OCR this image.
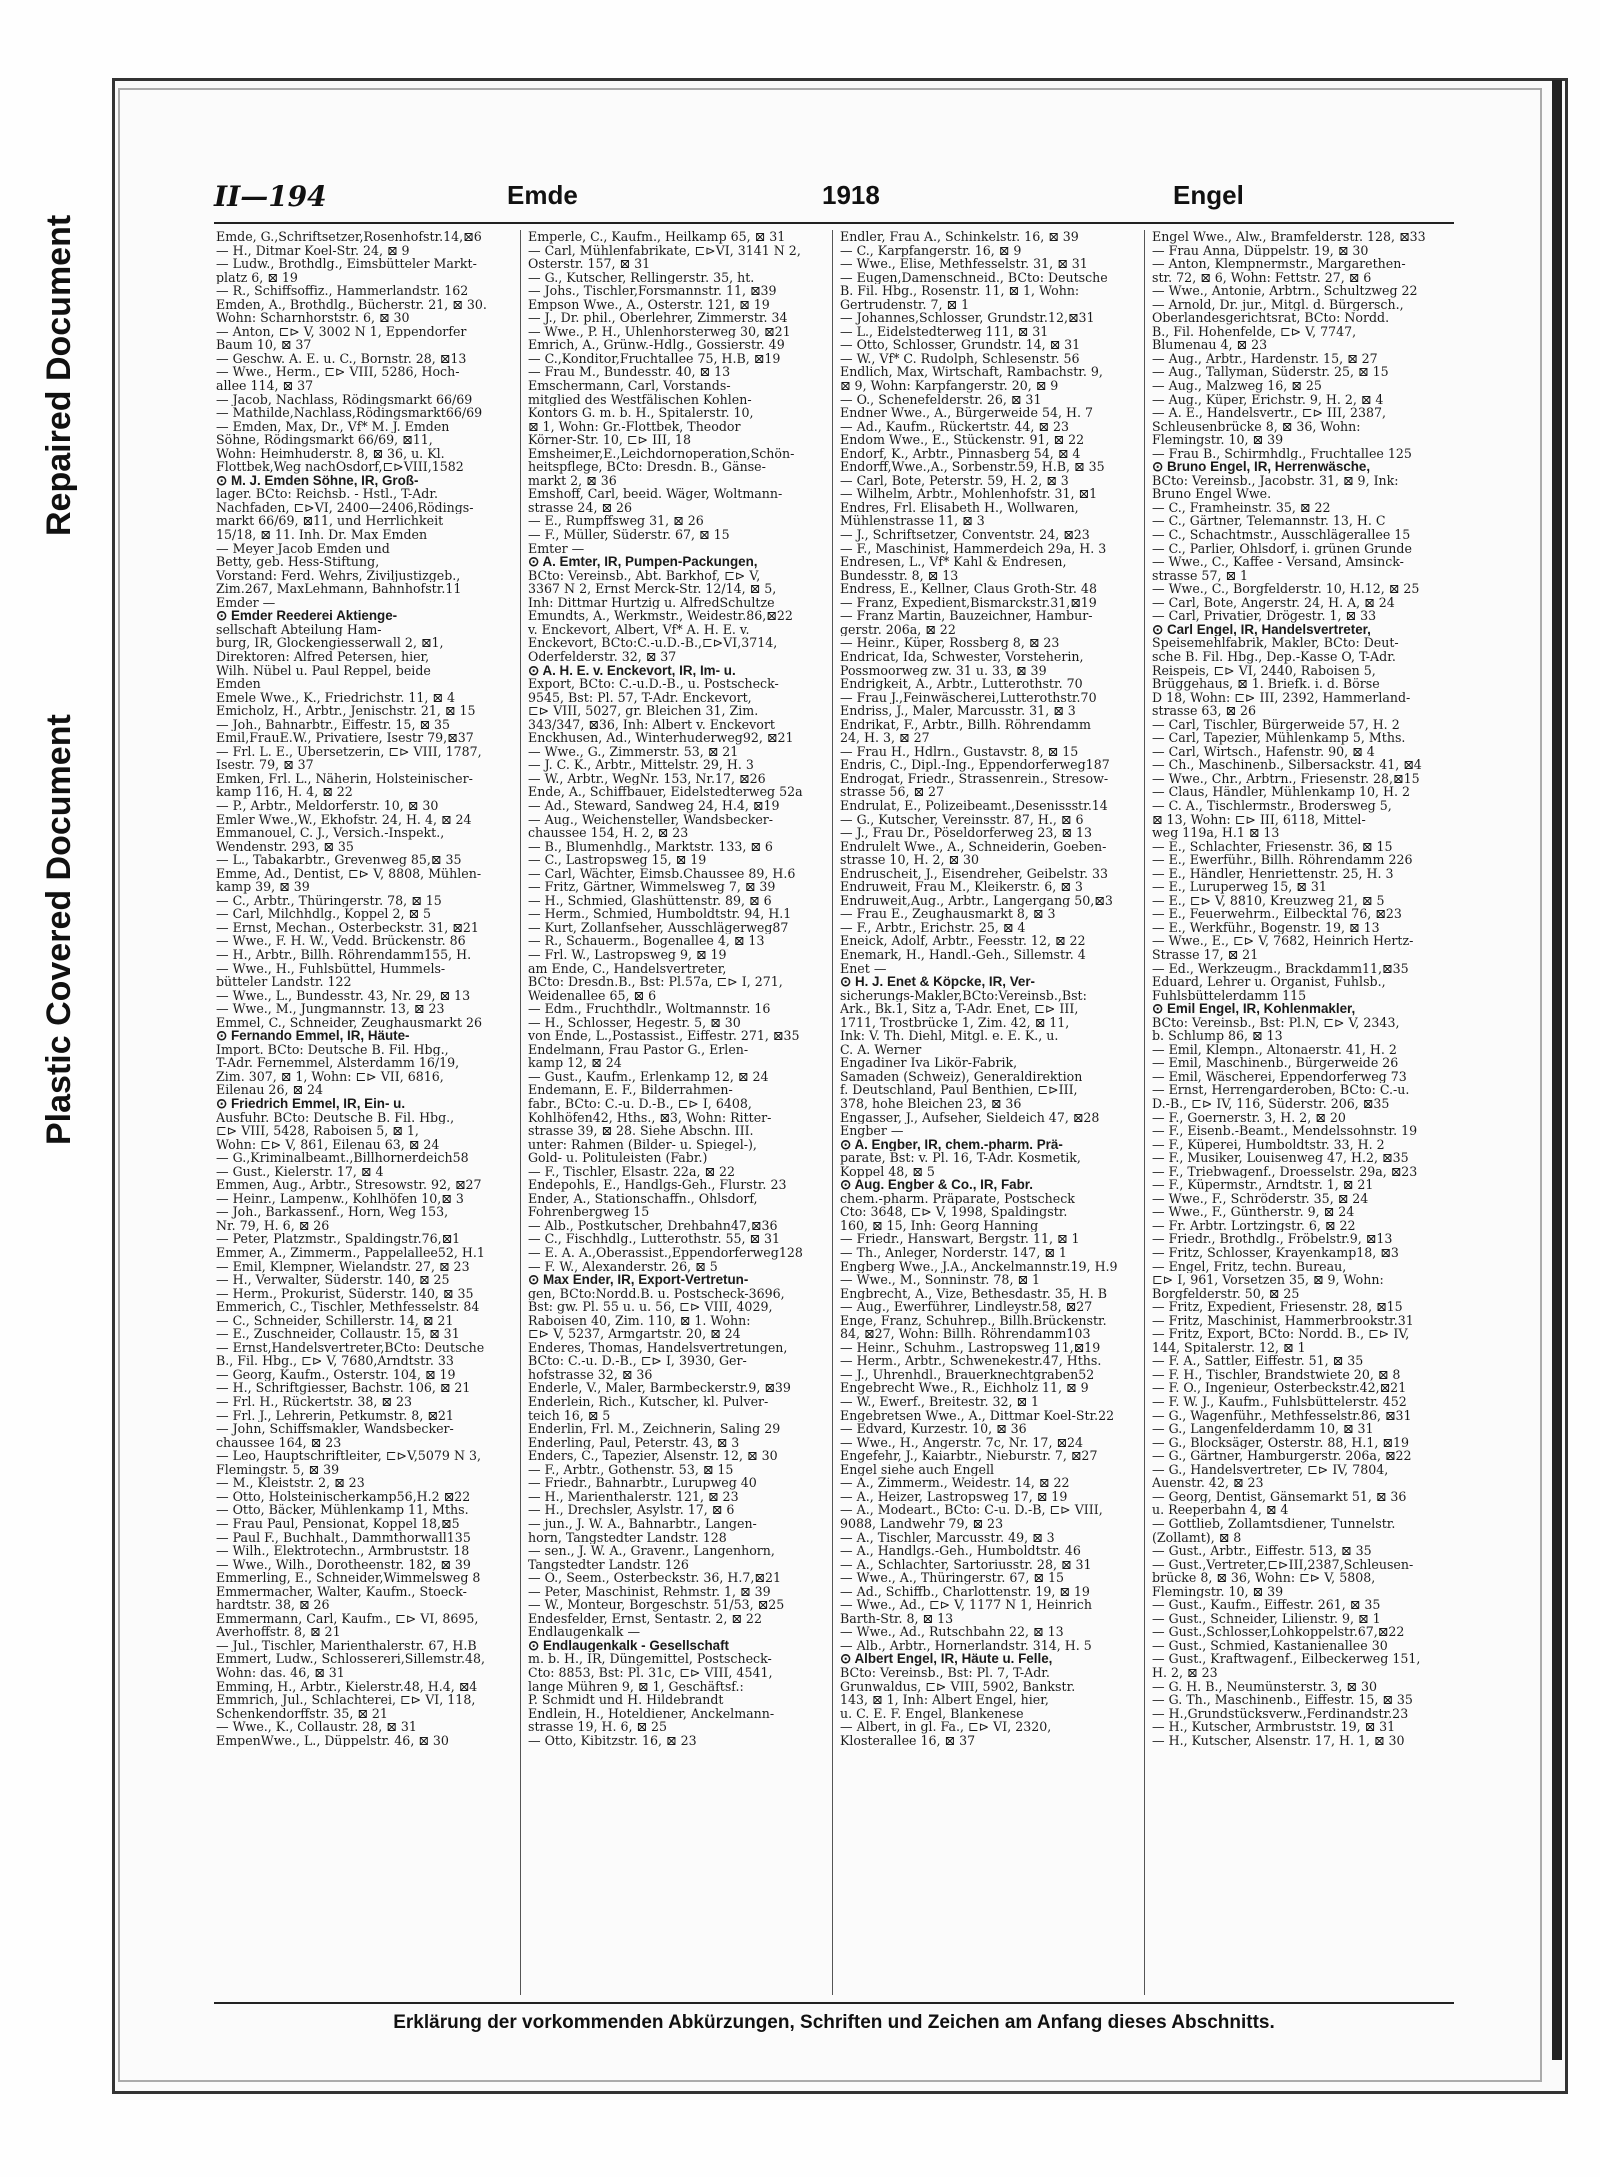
Repaired Document
Plastic Covered Document
II—194	Emde	1918	Engel
Emde, G.,Schriftsetzer,Rosenhofstr.14,⊠6
— H., Ditmar Koel-Str. 24, ⊠ 9
— Ludw., Brothdlg., Eimsbütteler Markt-
platz 6, ⊠ 19
— R., Schiffsoffiz., Hammerlandstr. 162
Emden, A., Brothdlg., Bücherstr. 21, ⊠ 30.
Wohn: Scharnhorststr. 6, ⊠ 30
— Anton, ⊏⊳ V, 3002 N 1, Eppendorfer
Baum 10, ⊠ 37
— Geschw. A. E. u. C., Bornstr. 28, ⊠13
— Wwe., Herm., ⊏⊳ VIII, 5286, Hoch-
allee 114, ⊠ 37
— Jacob, Nachlass, Rödingsmarkt 66/69
— Mathilde,Nachlass,Rödingsmarkt66/69
— Emden, Max, Dr., Vf* M. J. Emden
Söhne, Rödingsmarkt 66/69, ⊠11,
Wohn: Heimhuderstr. 8, ⊠ 36, u. Kl.
Flottbek,Weg nachOsdorf,⊏⊳VIII,1582
⊙ M. J. Emden Söhne, IR, Groß-
lager. BCto: Reichsb. - Hstl., T-Adr.
Nachfaden, ⊏⊳VI, 2400—2406,Rödings-
markt 66/69, ⊠11, und Herrlichkeit
15/18, ⊠ 11. Inh. Dr. Max Emden
— Meyer Jacob Emden und
Betty, geb. Hess-Stiftung,
Vorstand: Ferd. Wehrs, Ziviljustizgeb.,
Zim.267, MaxLehmann, Bahnhofstr.11
Emder —
⊙ Emder Reederei Aktienge-
sellschaft Abteilung Ham-
burg, IR, Glockengiesserwall 2, ⊠1,
Direktoren: Alfred Petersen, hier,
Wilh. Nübel u. Paul Reppel, beide
Emden
Emele Wwe., K., Friedrichstr. 11, ⊠ 4
Emicholz, H., Arbtr., Jenischstr. 21, ⊠ 15
— Joh., Bahnarbtr., Eiffestr. 15, ⊠ 35
Emil,FrauE.W., Privatiere, Isestr 79,⊠37
— Frl. L. E., Übersetzerin, ⊏⊳ VIII, 1787,
Isestr. 79, ⊠ 37
Emken, Frl. L., Näherin, Holsteinischer-
kamp 116, H. 4, ⊠ 22
— P., Arbtr., Meldorferstr. 10, ⊠ 30
Emler Wwe.,W., Ekhofstr. 24, H. 4, ⊠ 24
Emmanouel, C. J., Versich.-Inspekt.,
Wendenstr. 293, ⊠ 35
— L., Tabakarbtr., Grevenweg 85,⊠ 35
Emme, Ad., Dentist, ⊏⊳ V, 8808, Mühlen-
kamp 39, ⊠ 39
— C., Arbtr., Thüringerstr. 78, ⊠ 15
— Carl, Milchhdlg., Koppel 2, ⊠ 5
— Ernst, Mechan., Osterbeckstr. 31, ⊠21
— Wwe., F. H. W., Vedd. Brückenstr. 86
— H., Arbtr., Billh. Röhrendamm155, H.
— Wwe., H., Fuhlsbüttel, Hummels-
bütteler Landstr. 122
— Wwe., L., Bundesstr. 43, Nr. 29, ⊠ 13
— Wwe., M., Jungmannstr. 13, ⊠ 23
Emmel, C., Schneider, Zeughausmarkt 26
⊙ Fernando Emmel, IR, Häute-
Import. BCto: Deutsche B. Fil. Hbg.,
T-Adr. Fernemmel, Alsterdamm 16/19,
Zim. 307, ⊠ 1, Wohn: ⊏⊳ VII, 6816,
Eilenau 26, ⊠ 24
⊙ Friedrich Emmel, IR, Ein- u.
Ausfuhr. BCto: Deutsche B. Fil. Hbg.,
⊏⊳ VIII, 5428, Raboisen 5, ⊠ 1,
Wohn: ⊏⊳ V, 861, Eilenau 63, ⊠ 24
— G.,Kriminalbeamt.,Billhornerdeich58
— Gust., Kielerstr. 17, ⊠ 4
Emmen, Aug., Arbtr., Stresowstr. 92, ⊠27
— Heinr., Lampenw., Kohlhöfen 10,⊠ 3
— Joh., Barkassenf., Horn, Weg 153,
Nr. 79, H. 6, ⊠ 26
— Peter, Platzmstr., Spaldingstr.76,⊠1
Emmer, A., Zimmerm., Pappelallee52, H.1
— Emil, Klempner, Wielandstr. 27, ⊠ 23
— H., Verwalter, Süderstr. 140, ⊠ 25
— Herm., Prokurist, Süderstr. 140, ⊠ 35
Emmerich, C., Tischler, Methfesselstr. 84
— C., Schneider, Schillerstr. 14, ⊠ 21
— E., Zuschneider, Collaustr. 15, ⊠ 31
— Ernst,Handelsvertreter,BCto: Deutsche
B., Fil. Hbg., ⊏⊳ V, 7680,Arndtstr. 33
— Georg, Kaufm., Osterstr. 104, ⊠ 19
— H., Schriftgiesser, Bachstr. 106, ⊠ 21
— Frl. H., Rückertstr. 38, ⊠ 23
— Frl. J., Lehrerin, Petkumstr. 8, ⊠21
— John, Schiffsmakler, Wandsbecker-
chaussee 164, ⊠ 23
— Leo, Hauptschriftleiter, ⊏⊳V,5079 N 3,
Flemingstr. 5, ⊠ 39
— M., Kleiststr. 2, ⊠ 23
— Otto, Holsteinischerkamp56,H.2 ⊠22
— Otto, Bäcker, Mühlenkamp 11, Mths.
— Frau Paul, Pensionat, Koppel 18,⊠5
— Paul F., Buchhalt., Dammthorwall135
— Wilh., Elektrotechn., Armbruststr. 18
— Wwe., Wilh., Dorotheenstr. 182, ⊠ 39
Emmerling, E., Schneider,Wimmelsweg 8
Emmermacher, Walter, Kaufm., Stoeck-
hardtstr. 38, ⊠ 26
Emmermann, Carl, Kaufm., ⊏⊳ VI, 8695,
Averhoffstr. 8, ⊠ 21
— Jul., Tischler, Marienthalerstr. 67, H.B
Emmert, Ludw., Schlossereri,Sillemstr.48,
Wohn: das. 46, ⊠ 31
Emming, H., Arbtr., Kielerstr.48, H.4, ⊠4
Emmrich, Jul., Schlachterei, ⊏⊳ VI, 118,
Schenkendorffstr. 35, ⊠ 21
— Wwe., K., Collaustr. 28, ⊠ 31
EmpenWwe., L., Düppelstr. 46, ⊠ 30
Emperle, C., Kaufm., Heilkamp 65, ⊠ 31
— Carl, Mühlenfabrikate, ⊏⊳VI, 3141 N 2,
Osterstr. 157, ⊠ 31
— G., Kutscher, Rellingerstr. 35, ht.
— Johs., Tischler,Forsmannstr. 11, ⊠39
Empson Wwe., A., Osterstr. 121, ⊠ 19
— J., Dr. phil., Oberlehrer, Zimmerstr. 34
— Wwe., P. H., Uhlenhorsterweg 30, ⊠21
Emrich, A., Grünw.-Hdlg., Gossierstr. 49
— C.,Konditor,Fruchtallee 75, H.B, ⊠19
— Frau M., Bundesstr. 40, ⊠ 13
Emschermann, Carl, Vorstands-
mitglied des Westfälischen Kohlen-
Kontors G. m. b. H., Spitalerstr. 10,
⊠ 1, Wohn: Gr.-Flottbek, Theodor
Körner-Str. 10, ⊏⊳ III, 18
Emsheimer,E.,Leichdornoperation,Schön-
heitspflege, BCto: Dresdn. B., Gänse-
markt 2, ⊠ 36
Emshoff, Carl, beeid. Wäger, Woltmann-
strasse 24, ⊠ 26
— E., Rumpffsweg 31, ⊠ 26
— F., Müller, Süderstr. 67, ⊠ 15
Emter —
⊙ A. Emter, IR, Pumpen-Packungen,
BCto: Vereinsb., Abt. Barkhof, ⊏⊳ V,
3367 N 2, Ernst Merck-Str. 12/14, ⊠ 5,
Inh: Dittmar Hurtzig u. AlfredSchultze
Emundts, A., Werkmstr., Weidestr.86,⊠22
v. Enckevort, Albert, Vf* A. H. E. v.
Enckevort, BCto:C.-u.D.-B.,⊏⊳VI,3714,
Oderfelderstr. 32, ⊠ 37
⊙ A. H. E. v. Enckevort, IR, Im- u.
Export, BCto: C.-u.D.-B., u. Postscheck-
9545, Bst: Pl. 57, T-Adr. Enckevort,
⊏⊳ VIII, 5027, gr. Bleichen 31, Zim.
343/347, ⊠36, Inh: Albert v. Enckevort
Enckhusen, Ad., Winterhuderweg92, ⊠21
— Wwe., G., Zimmerstr. 53, ⊠ 21
— J. C. K., Arbtr., Mittelstr. 29, H. 3
— W., Arbtr., WegNr. 153, Nr.17, ⊠26
Ende, A., Schiffbauer, Eidelstedterweg 52a
— Ad., Steward, Sandweg 24, H.4, ⊠19
— Aug., Weichensteller, Wandsbecker-
chaussee 154, H. 2, ⊠ 23
— B., Blumenhdlg., Marktstr. 133, ⊠ 6
— C., Lastropsweg 15, ⊠ 19
— Carl, Wächter, Eimsb.Chaussee 89, H.6
— Fritz, Gärtner, Wimmelsweg 7, ⊠ 39
— H., Schmied, Glashüttenstr. 89, ⊠ 6
— Herm., Schmied, Humboldtstr. 94, H.1
— Kurt, Zollanfseher, Ausschlägerweg87
— R., Schauerm., Bogenallee 4, ⊠ 13
— Frl. W., Lastropsweg 9, ⊠ 19
am Ende, C., Handelsvertreter,
BCto: Dresdn.B., Bst: Pl.57a, ⊏⊳ I, 271,
Weidenallee 65, ⊠ 6
— Edm., Fruchthdlr., Woltmannstr. 16
— H., Schlosser, Hegestr. 5, ⊠ 30
von Ende, L.,Postassist., Eiffestr. 271, ⊠35
Endelmann, Frau Pastor G., Erlen-
kamp 12, ⊠ 24
— Gust., Kaufm., Erlenkamp 12, ⊠ 24
Endemann, E. F., Bilderrahmen-
fabr., BCto: C.-u. D.-B., ⊏⊳ I, 6408,
Kohlhöfen42, Hths., ⊠3, Wohn: Ritter-
strasse 39, ⊠ 28. Siehe Abschn. III.
unter: Rahmen (Bilder- u. Spiegel-),
Gold- u. Polituleisten (Fabr.)
— F., Tischler, Elsastr. 22a, ⊠ 22
Endepohls, E., Handlgs-Geh., Flurstr. 23
Ender, A., Stationschaffn., Ohlsdorf,
Fohrenbergweg 15
— Alb., Postkutscher, Drehbahn47,⊠36
— C., Fischhdlg., Lutterothstr. 55, ⊠ 31
— E. A. A.,Oberassist.,Eppendorferweg128
— F. W., Alexanderstr. 26, ⊠ 5
⊙ Max Ender, IR, Export-Vertretun-
gen, BCto:Nordd.B. u. Postscheck-3696,
Bst: gw. Pl. 55 u. u. 56, ⊏⊳ VIII, 4029,
Raboisen 40, Zim. 110, ⊠ 1. Wohn:
⊏⊳ V, 5237, Armgartstr. 20, ⊠ 24
Enderes, Thomas, Handelsvertretungen,
BCto: C.-u. D.-B., ⊏⊳ I, 3930, Ger-
hofstrasse 32, ⊠ 36
Enderle, V., Maler, Barmbeckerstr.9, ⊠39
Enderlein, Rich., Kutscher, kl. Pulver-
teich 16, ⊠ 5
Enderlin, Frl. M., Zeichnerin, Saling 29
Enderling, Paul, Peterstr. 43, ⊠ 3
Enders, C., Tapezier, Alsenstr. 12, ⊠ 30
— F., Arbtr., Gothenstr. 53, ⊠ 15
— Friedr., Bahnarbtr., Lurupweg 40
— H., Marienthalerstr. 121, ⊠ 23
— H., Drechsler, Asylstr. 17, ⊠ 6
— jun., J. W. A., Bahnarbtr., Langen-
horn, Tangstedter Landstr. 128
— sen., J. W. A., Gravenr., Langenhorn,
Tangstedter Landstr. 126
— O., Seem., Osterbeckstr. 36, H.7,⊠21
— Peter, Maschinist, Rehmstr. 1, ⊠ 39
— W., Monteur, Borgeschstr. 51/53, ⊠25
Endesfelder, Ernst, Sentastr. 2, ⊠ 22
Endlaugenkalk —
⊙ Endlaugenkalk - Gesellschaft
m. b. H., IR, Düngemittel, Postscheck-
Cto: 8853, Bst: Pl. 31c, ⊏⊳ VIII, 4541,
lange Mühren 9, ⊠ 1, Geschäftsf.:
P. Schmidt und H. Hildebrandt
Endlein, H., Hoteldiener, Anckelmann-
strasse 19, H. 6, ⊠ 25
— Otto, Kibitzstr. 16, ⊠ 23
Endler, Frau A., Schinkelstr. 16, ⊠ 39
— C., Karpfangerstr. 16, ⊠ 9
— Wwe., Elise, Methfesselstr. 31, ⊠ 31
— Eugen,Damenschneid., BCto: Deutsche
B. Fil. Hbg., Rosenstr. 11, ⊠ 1, Wohn:
Gertrudenstr. 7, ⊠ 1
— Johannes,Schlosser, Grundstr.12,⊠31
— L., Eidelstedterweg 111, ⊠ 31
— Otto, Schlosser, Grundstr. 14, ⊠ 31
— W., Vf* C. Rudolph, Schlesenstr. 56
Endlich, Max, Wirtschaft, Rambachstr. 9,
⊠ 9, Wohn: Karpfangerstr. 20, ⊠ 9
— O., Schenefelderstr. 26, ⊠ 31
Endner Wwe., A., Bürgerweide 54, H. 7
— Ad., Kaufm., Rückertstr. 44, ⊠ 23
Endom Wwe., E., Stückenstr. 91, ⊠ 22
Endorf, K., Arbtr., Pinnasberg 54, ⊠ 4
Endorff,Wwe.,A., Sorbenstr.59, H.B, ⊠ 35
— Carl, Bote, Peterstr. 59, H. 2, ⊠ 3
— Wilhelm, Arbtr., Mohlenhofstr. 31, ⊠1
Endres, Frl. Elisabeth H., Wollwaren,
Mühlenstrasse 11, ⊠ 3
— J., Schriftsetzer, Conventstr. 24, ⊠23
— F., Maschinist, Hammerdeich 29a, H. 3
Endresen, L., Vf* Kahl & Endresen,
Bundesstr. 8, ⊠ 13
Endress, E., Kellner, Claus Groth-Str. 48
— Franz, Expedient,Bismarckstr.31,⊠19
— Franz Martin, Bauzeichner, Hambur-
gerstr. 206a, ⊠ 22
— Heinr., Küper, Rossberg 8, ⊠ 23
Endricat, Ida, Schwester, Vorsteherin,
Possmoorweg zw. 31 u. 33, ⊠ 39
Endrigkeit, A., Arbtr., Lutterothstr. 70
— Frau J.,Feinwäscherei,Lutterothstr.70
Endriss, J., Maler, Marcusstr. 31, ⊠ 3
Endrikat, F., Arbtr., Billh. Röhrendamm
24, H. 3, ⊠ 27
— Frau H., Hdlrn., Gustavstr. 8, ⊠ 15
Endris, C., Dipl.-Ing., Eppendorferweg187
Endrogat, Friedr., Strassenrein., Stresow-
strasse 56, ⊠ 27
Endrulat, E., Polizeibeamt.,Desenissstr.14
— G., Kutscher, Vereinsstr. 87, H., ⊠ 6
— J., Frau Dr., Pöseldorferweg 23, ⊠ 13
Endrulelt Wwe., A., Schneiderin, Goeben-
strasse 10, H. 2, ⊠ 30
Endruscheit, J., Eisendreher, Geibelstr. 33
Endruweit, Frau M., Kleikerstr. 6, ⊠ 3
Endruweit,Aug., Arbtr., Langergang 50,⊠3
— Frau E., Zeughausmarkt 8, ⊠ 3
— F., Arbtr., Erichstr. 25, ⊠ 4
Eneick, Adolf, Arbtr., Feesstr. 12, ⊠ 22
Enemark, H., Handl.-Geh., Sillemstr. 4
Enet —
⊙ H. J. Enet & Köpcke, IR, Ver-
sicherungs-Makler,BCto:Vereinsb.,Bst:
Ark., Bk.1, Sitz a, T-Adr. Enet, ⊏⊳ III,
1711, Trostbrücke 1, Zim. 42, ⊠ 11,
Ink: V. Th. Diehl, Mitgl. e. E. K., u.
C. A. Werner
Engadiner Iva Likör-Fabrik,
Samaden (Schweiz), Generaldirektion
f. Deutschland, Paul Benthien, ⊏⊳III,
378, hohe Bleichen 23, ⊠ 36
Engasser, J., Aufseher, Sieldeich 47, ⊠28
Engber —
⊙ A. Engber, IR, chem.-pharm. Prä-
parate, Bst: v. Pl. 16, T-Adr. Kosmetik,
Koppel 48, ⊠ 5
⊙ Aug. Engber & Co., IR, Fabr.
chem.-pharm. Präparate, Postscheck
Cto: 3648, ⊏⊳ V, 1998, Spaldingstr.
160, ⊠ 15, Inh: Georg Hanning
— Friedr., Hanswart, Bergstr. 11, ⊠ 1
— Th., Anleger, Norderstr. 147, ⊠ 1
Engberg Wwe., J.A., Anckelmannstr.19, H.9
— Wwe., M., Sonninstr. 78, ⊠ 1
Engbrecht, A., Vize, Bethesdastr. 35, H. B
— Aug., Ewerführer, Lindleystr.58, ⊠27
Enge, Franz, Schuhrep., Billh.Brückenstr.
84, ⊠27, Wohn: Billh. Röhrendamm103
— Heinr., Schuhm., Lastropsweg 11,⊠19
— Herm., Arbtr., Schwenekestr.47, Hths.
— J., Uhrenhdl., Brauerknechtgraben52
Engebrecht Wwe., R., Eichholz 11, ⊠ 9
— W., Ewerf., Breitestr. 32, ⊠ 1
Engebretsen Wwe., A., Dittmar Koel-Str.22
— Edvard, Kurzestr. 10, ⊠ 36
— Wwe., H., Angerstr. 7c, Nr. 17, ⊠24
Engefehr, J., Kaiarbtr., Nieburstr. 7, ⊠27
Engel siehe auch Engell
— A., Zimmerm., Weidestr. 14, ⊠ 22
— A., Heizer, Lastropsweg 17, ⊠ 19
— A., Modeart., BCto: C-u. D.-B, ⊏⊳ VIII,
9088, Landwehr 79, ⊠ 23
— A., Tischler, Marcusstr. 49, ⊠ 3
— A., Handlgs.-Geh., Humboldtstr. 46
— A., Schlachter, Sartoriusstr. 28, ⊠ 31
— Wwe., A., Thüringerstr. 67, ⊠ 15
— Ad., Schiffb., Charlottenstr. 19, ⊠ 19
— Wwe., Ad., ⊏⊳ V, 1177 N 1, Heinrich
Barth-Str. 8, ⊠ 13
— Wwe., Ad., Rutschbahn 22, ⊠ 13
— Alb., Arbtr., Hornerlandstr. 314, H. 5
⊙ Albert Engel, IR, Häute u. Felle,
BCto: Vereinsb., Bst: Pl. 7, T-Adr.
Grunwaldus, ⊏⊳ VIII, 5902, Bankstr.
143, ⊠ 1, Inh: Albert Engel, hier,
u. C. E. F. Engel, Blankenese
— Albert, in gl. Fa., ⊏⊳ VI, 2320,
Klosterallee 16, ⊠ 37
Engel Wwe., Alw., Bramfelderstr. 128, ⊠33
— Frau Anna, Düppelstr. 19, ⊠ 30
— Anton, Klempnermstr., Margarethen-
str. 72, ⊠ 6, Wohn: Fettstr. 27, ⊠ 6
— Wwe., Antonie, Arbtrn., Schultzweg 22
— Arnold, Dr. jur., Mitgl. d. Bürgersch.,
Oberlandesgerichtsrat, BCto: Nordd.
B., Fil. Hohenfelde, ⊏⊳ V, 7747,
Blumenau 4, ⊠ 23
— Aug., Arbtr., Hardenstr. 15, ⊠ 27
— Aug., Tallyman, Süderstr. 25, ⊠ 15
— Aug., Malzweg 16, ⊠ 25
— Aug., Küper, Erichstr. 9, H. 2, ⊠ 4
— A. E., Handelsvertr., ⊏⊳ III, 2387,
Schleusenbrücke 8, ⊠ 36, Wohn:
Flemingstr. 10, ⊠ 39
— Frau B., Schirmhdlg., Fruchtallee 125
⊙ Bruno Engel, IR, Herrenwäsche,
BCto: Vereinsb., Jacobstr. 31, ⊠ 9, Ink:
Bruno Engel Wwe.
— C., Framheinstr. 35, ⊠ 22
— C., Gärtner, Telemannstr. 13, H. C
— C., Schachtmstr., Ausschlägerallee 15
— C., Parlier, Ohlsdorf, i. grünen Grunde
— Wwe., C., Kaffee - Versand, Amsinck-
strasse 57, ⊠ 1
— Wwe., C., Borgfelderstr. 10, H.12, ⊠ 25
— Carl, Bote, Angerstr. 24, H. A, ⊠ 24
— Carl, Privatier, Drögestr. 1, ⊠ 33
⊙ Carl Engel, IR, Handelsvertreter,
Speisemehlfabrik, Makler, BCto: Deut-
sche B. Fil. Hbg., Dep.-Kasse O, T-Adr.
Reispeis, ⊏⊳ VI, 2440, Raboisen 5,
Brüggehaus, ⊠ 1. Briefk. i. d. Börse
D 18, Wohn: ⊏⊳ III, 2392, Hammerland-
strasse 63, ⊠ 26
— Carl, Tischler, Bürgerweide 57, H. 2
— Carl, Tapezier, Mühlenkamp 5, Mths.
— Carl, Wirtsch., Hafenstr. 90, ⊠ 4
— Ch., Maschinenb., Silbersackstr. 41, ⊠4
— Wwe., Chr., Arbtrn., Friesenstr. 28,⊠15
— Claus, Händler, Mühlenkamp 10, H. 2
— C. A., Tischlermstr., Brodersweg 5,
⊠ 13, Wohn: ⊏⊳ III, 6118, Mittel-
weg 119a, H.1 ⊠ 13
— E., Schlachter, Friesenstr. 36, ⊠ 15
— E., Ewerführ., Billh. Röhrendamm 226
— E., Händler, Henriettenstr. 25, H. 3
— E., Luruperweg 15, ⊠ 31
— E., ⊏⊳ V, 8810, Kreuzweg 21, ⊠ 5
— E., Feuerwehrm., Eilbecktal 76, ⊠23
— E., Werkführ., Bogenstr. 19, ⊠ 13
— Wwe., E., ⊏⊳ V, 7682, Heinrich Hertz-
Strasse 17, ⊠ 21
— Ed., Werkzeugm., Brackdamm11,⊠35
Eduard, Lehrer u. Organist, Fuhlsb.,
Fuhlsbüttelerdamm 115
⊙ Emil Engel, IR, Kohlenmakler,
BCto: Vereinsb., Bst: Pl.N, ⊏⊳ V, 2343,
b. Schlump 86, ⊠ 13
— Emil, Klempn., Altonaerstr. 41, H. 2
— Emil, Maschinenb., Bürgerweide 26
— Emil, Wäscherei, Eppendorferweg 73
— Ernst, Herrengarderoben, BCto: C.-u.
D.-B., ⊏⊳ IV, 116, Süderstr. 206, ⊠35
— F., Goernerstr. 3, H. 2, ⊠ 20
— F., Eisenb.-Beamt., Mendelssohnstr. 19
— F., Küperei, Humboldtstr. 33, H. 2
— F., Musiker, Louisenweg 47, H.2, ⊠35
— F., Triebwagenf., Droesselstr. 29a, ⊠23
— F., Küpermstr., Arndtstr. 1, ⊠ 21
— Wwe., F., Schröderstr. 35, ⊠ 24
— Wwe., F., Güntherstr. 9, ⊠ 24
— Fr. Arbtr. Lortzingstr. 6, ⊠ 22
— Friedr., Brothdlg., Fröbelstr.9, ⊠13
— Fritz, Schlosser, Krayenkamp18, ⊠3
— Engel, Fritz, techn. Bureau,
⊏⊳ I, 961, Vorsetzen 35, ⊠ 9, Wohn:
Borgfelderstr. 50, ⊠ 25
— Fritz, Expedient, Friesenstr. 28, ⊠15
— Fritz, Maschinist, Hammerbrookstr.31
— Fritz, Export, BCto: Nordd. B., ⊏⊳ IV,
144, Spitalerstr. 12, ⊠ 1
— F. A., Sattler, Eiffestr. 51, ⊠ 35
— F. H., Tischler, Brandstwiete 20, ⊠ 8
— F. O., Ingenieur, Osterbeckstr.42,⊠21
— F. W. J., Kaufm., Fuhlsbüttelerstr. 452
— G., Wagenführ., Methfesselstr.86, ⊠31
— G., Langenfelderdamm 10, ⊠ 31
— G., Blocksäger, Osterstr. 88, H.1, ⊠19
— G., Gärtner, Hamburgerstr. 206a, ⊠22
— G., Handelsvertreter, ⊏⊳ IV, 7804,
Auenstr. 42, ⊠ 23
— Georg, Dentist, Gänsemarkt 51, ⊠ 36
u. Reeperbahn 4, ⊠ 4
— Gottlieb, Zollamtsdiener, Tunnelstr.
(Zollamt), ⊠ 8
— Gust., Arbtr., Eiffestr. 513, ⊠ 35
— Gust.,Vertreter,⊏⊳III,2387,Schleusen-
brücke 8, ⊠ 36, Wohn: ⊏⊳ V, 5808,
Flemingstr. 10, ⊠ 39
— Gust., Kaufm., Eiffestr. 261, ⊠ 35
— Gust., Schneider, Lilienstr. 9, ⊠ 1
— Gust.,Schlosser,Lohkoppelstr.67,⊠22
— Gust., Schmied, Kastanienallee 30
— Gust., Kraftwagenf., Eilbeckerweg 151,
H. 2, ⊠ 23
— G. H. B., Neumünsterstr. 3, ⊠ 30
— G. Th., Maschinenb., Eiffestr. 15, ⊠ 35
— H.,Grundstücksverw.,Ferdinandstr.23
— H., Kutscher, Armbruststr. 19, ⊠ 31
— H., Kutscher, Alsenstr. 17, H. 1, ⊠ 30
Erklärung der vorkommenden Abkürzungen, Schriften und Zeichen am Anfang dieses Abschnitts.
